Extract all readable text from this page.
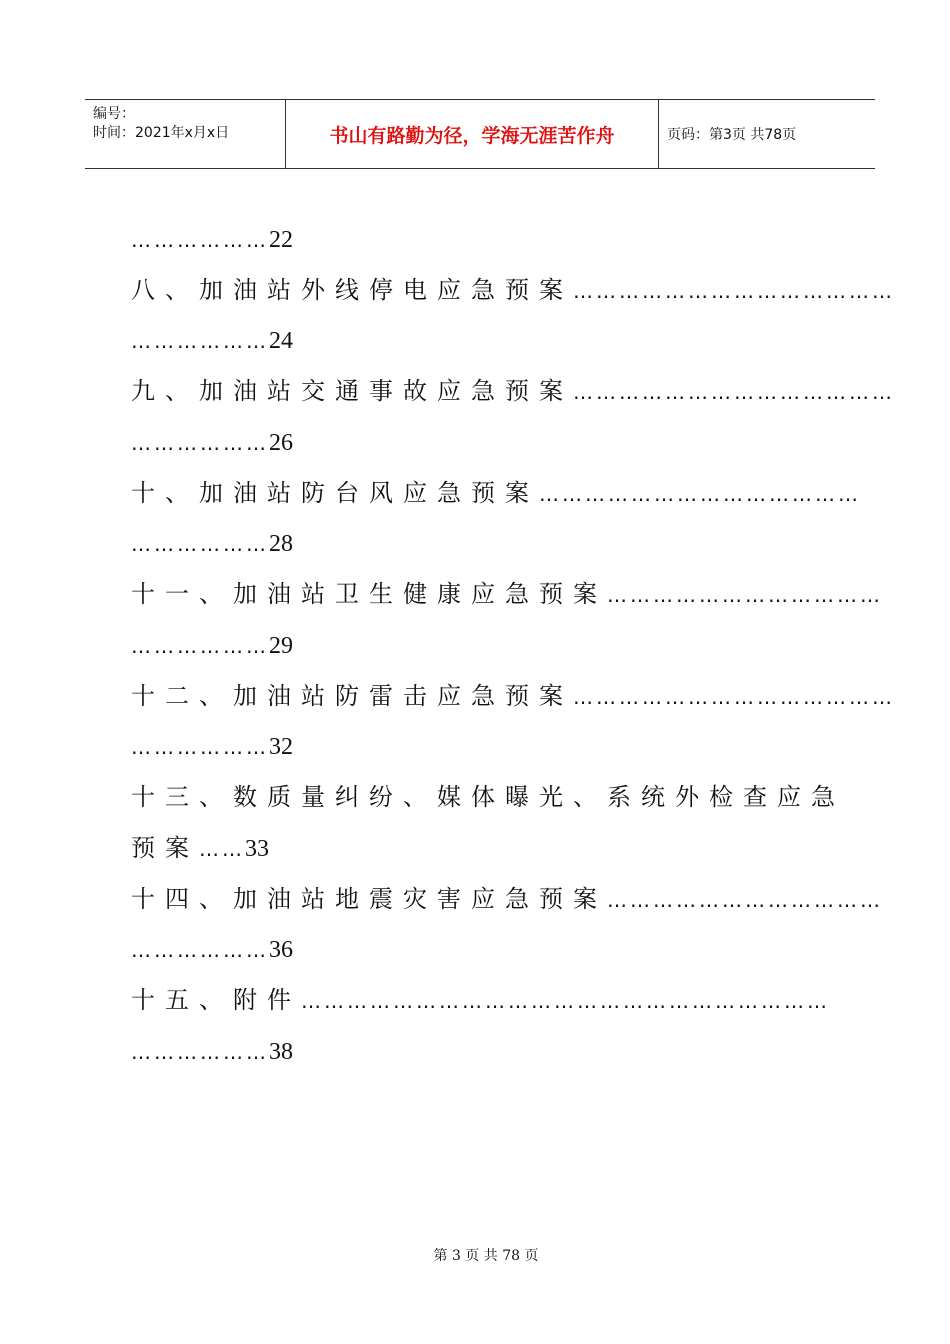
编号：
时间：2021年x月x日	书山有路勤为径，学海无涯苦作舟	页码：第3页 共78页
………………22
八、加油站外线停电应急预案……………………………………
………………24
九、加油站交通事故应急预案……………………………………
………………26
十、加油站防台风应急预案……………………………………
………………28
十一、加油站卫生健康应急预案………………………………
………………29
十二、加油站防雷击应急预案……………………………………
………………32
十三、数质量纠纷、媒体曝光、系统外检查应急
预案……33
十四、加油站地震灾害应急预案………………………………
………………36
十五、附件……………………………………………………………
………………38
第 3 页 共 78 页
